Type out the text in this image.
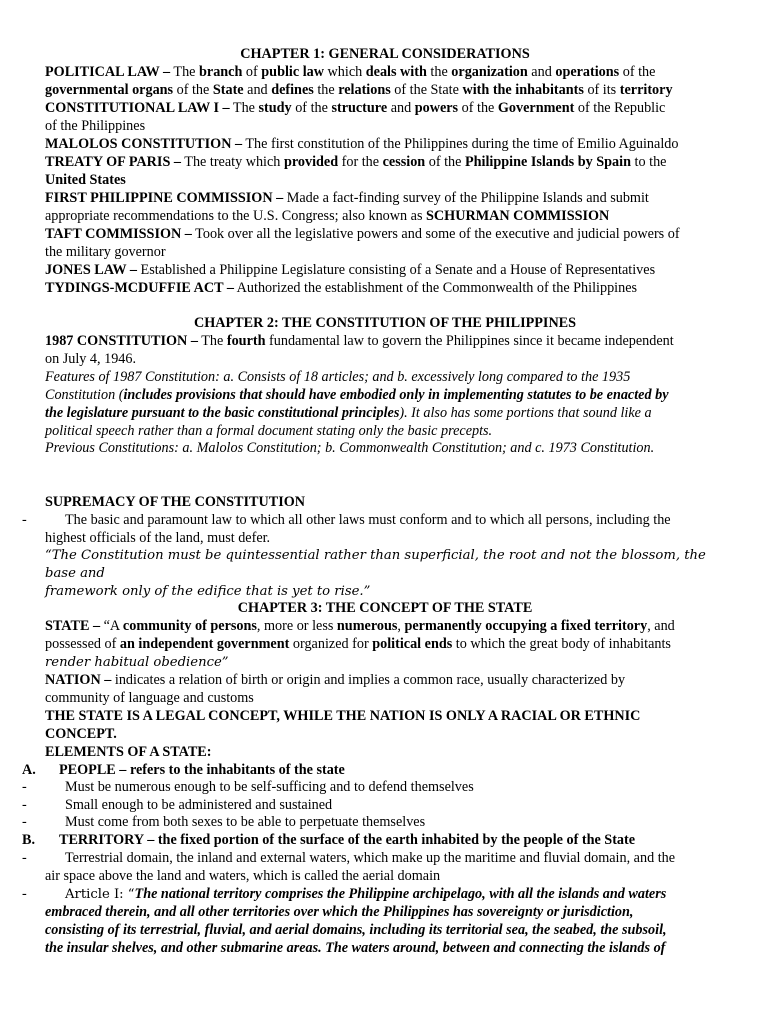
CHAPTER 1: GENERAL CONSIDERATIONS
POLITICAL LAW – The branch of public law which deals with the organization and operations of the
governmental organs of the State and defines the relations of the State with the inhabitants of its territory
CONSTITUTIONAL LAW I – The study of the structure and powers of the Government of the Republic
of the Philippines
MALOLOS CONSTITUTION – The first constitution of the Philippines during the time of Emilio Aguinaldo
TREATY OF PARIS – The treaty which provided for the cession of the Philippine Islands by Spain to the
United States
FIRST PHILIPPINE COMMISSION – Made a fact-finding survey of the Philippine Islands and submit
appropriate recommendations to the U.S. Congress; also known as SCHURMAN COMMISSION
TAFT COMMISSION – Took over all the legislative powers and some of the executive and judicial powers of
the military governor
JONES LAW – Established a Philippine Legislature consisting of a Senate and a House of Representatives
TYDINGS-MCDUFFIE ACT – Authorized the establishment of the Commonwealth of the Philippines
CHAPTER 2: THE CONSTITUTION OF THE PHILIPPINES
1987 CONSTITUTION – The fourth fundamental law to govern the Philippines since it became independent
on July 4, 1946.
Features of 1987 Constitution: a. Consists of 18 articles; and b. excessively long compared to the 1935
Constitution (includes provisions that should have embodied only in implementing statutes to be enacted by
the legislature pursuant to the basic constitutional principles). It also has some portions that sound like a
political speech rather than a formal document stating only the basic precepts.
Previous Constitutions: a. Malolos Constitution; b. Commonwealth Constitution; and c. 1973 Constitution.
SUPREMACY OF THE CONSTITUTION
-	The basic and paramount law to which all other laws must conform and to which all persons, including the
highest officials of the land, must defer.
“The Constitution must be quintessential rather than superficial, the root and not the blossom, the base and
framework only of the edifice that is yet to rise.”
CHAPTER 3: THE CONCEPT OF THE STATE
STATE – “A community of persons, more or less numerous, permanently occupying a fixed territory, and
possessed of an independent government organized for political ends to which the great body of inhabitants
render habitual obedience”
NATION – indicates a relation of birth or origin and implies a common race, usually characterized by
community of language and customs
THE STATE IS A LEGAL CONCEPT, WHILE THE NATION IS ONLY A RACIAL OR ETHNIC
CONCEPT.
ELEMENTS OF A STATE:
A. PEOPLE – refers to the inhabitants of the state
-	Must be numerous enough to be self-sufficing and to defend themselves
-	Small enough to be administered and sustained
-	Must come from both sexes to be able to perpetuate themselves
B. TERRITORY – the fixed portion of the surface of the earth inhabited by the people of the State
-	Terrestrial domain, the inland and external waters, which make up the maritime and fluvial domain, and the
air space above the land and waters, which is called the aerial domain
-	Article I: “The national territory comprises the Philippine archipelago, with all the islands and waters
embraced therein, and all other territories over which the Philippines has sovereignty or jurisdiction,
consisting of its terrestrial, fluvial, and aerial domains, including its territorial sea, the seabed, the subsoil,
the insular shelves, and other submarine areas. The waters around, between and connecting the islands of
